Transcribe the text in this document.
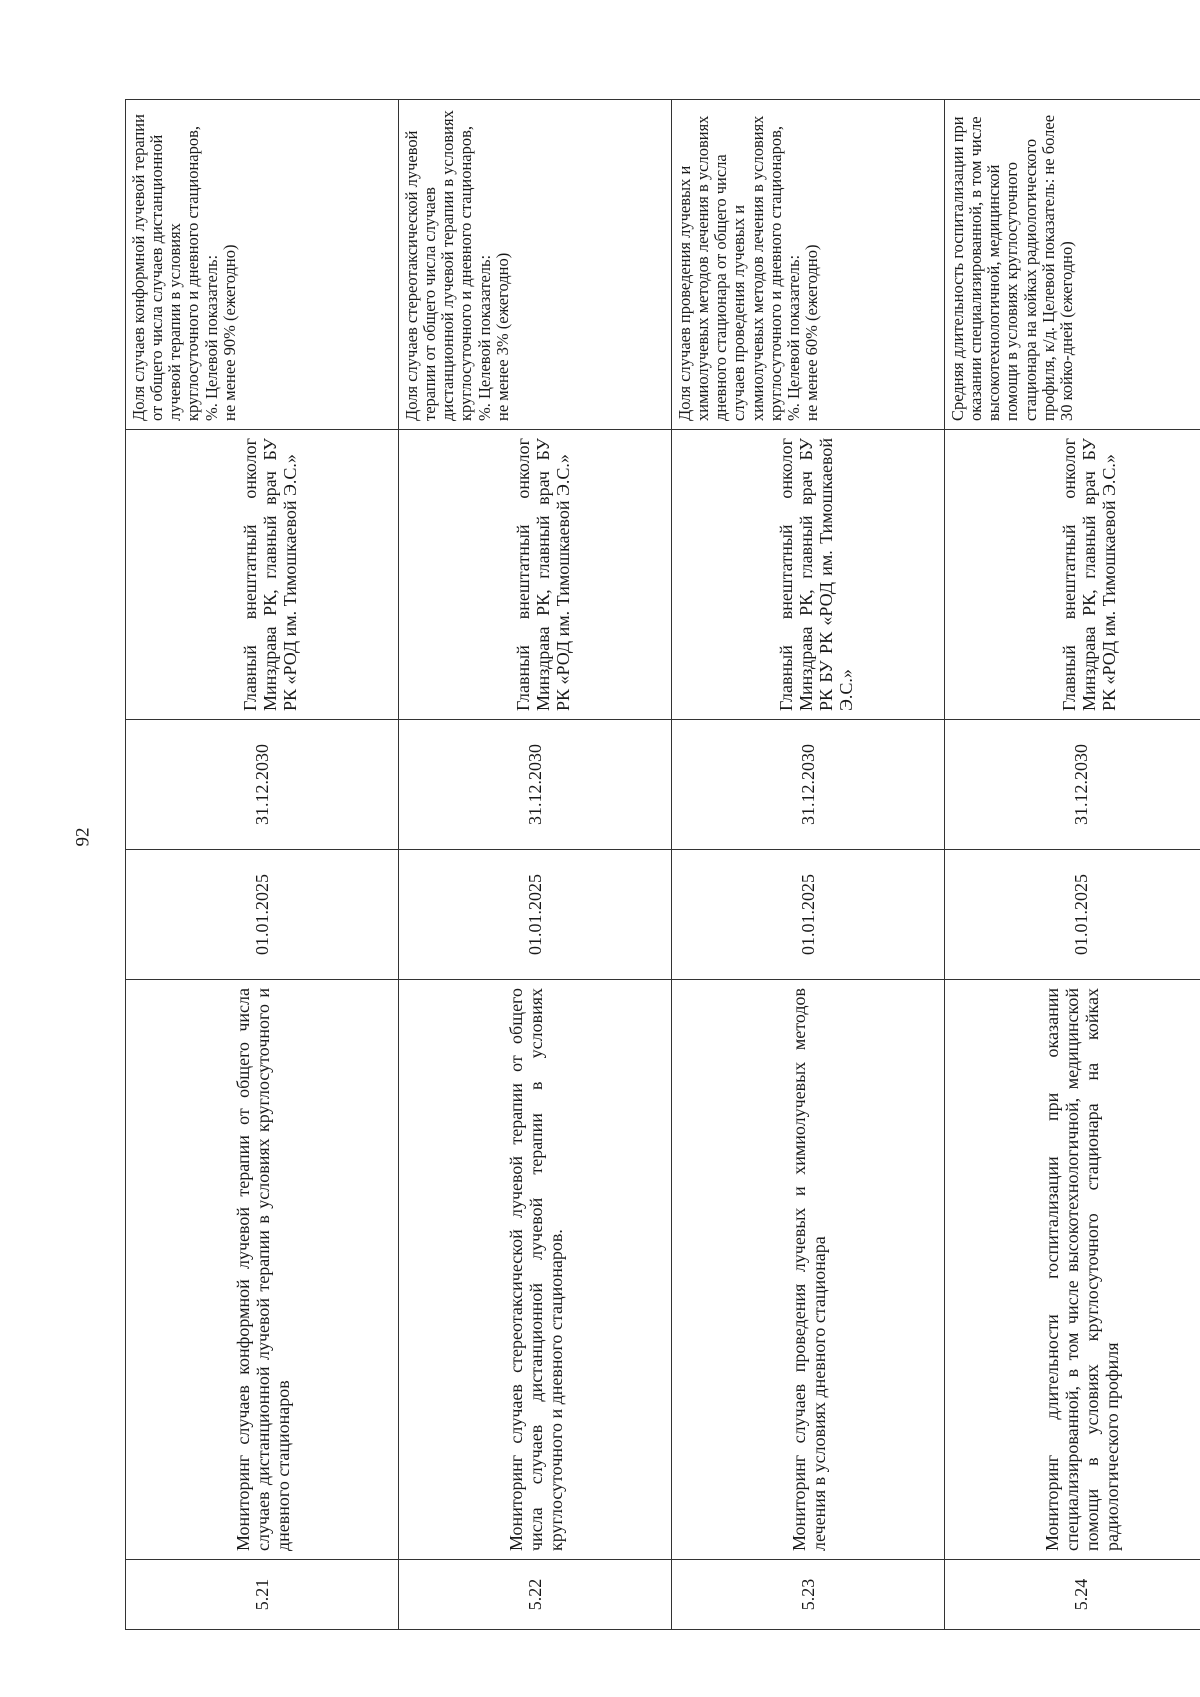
92
5.21	Мониторинг случаев конформной лучевой терапии от общего числа случаев дистанционной лучевой терапии в условиях круглосуточного и дневного стационаров	01.01.2025	31.12.2030	Главный внештатный онколог Минздрава РК, главный врач БУ РК «РОД им. Тимошкаевой Э.С.»	Доля случаев конформной лучевой терапии от общего числа случаев дистанционной лучевой терапии в условиях круглосуточного и дневного стационаров, %. Целевой показатель:
не менее 90% (ежегодно)
5.22	Мониторинг случаев стереотаксической лучевой терапии от общего числа случаев дистанционной лучевой терапии в условиях круглосуточного и дневного стационаров.	01.01.2025	31.12.2030	Главный внештатный онколог Минздрава РК, главный врач БУ РК «РОД им. Тимошкаевой Э.С.»	Доля случаев стереотаксической лучевой терапии от общего числа случаев дистанционной лучевой терапии в условиях круглосуточного и дневного стационаров, %. Целевой показатель:
не менее 3% (ежегодно)
5.23	Мониторинг случаев проведения лучевых и химиолучевых методов лечения в условиях дневного стационара	01.01.2025	31.12.2030	Главный внештатный онколог Минздрава РК, главный врач БУ РК БУ РК «РОД им. Тимошкаевой Э.С.»	Доля случаев проведения лучевых и химиолучевых методов лечения в условиях дневного стационара от общего числа случаев проведения лучевых и химиолучевых методов лечения в условиях круглосуточного и дневного стационаров, %. Целевой показатель:
не менее 60% (ежегодно)
5.24	Мониторинг длительности госпитализации при оказании специализированной, в том числе высокотехнологичной, медицинской помощи в условиях круглосуточного стационара на койках радиологического профиля	01.01.2025	31.12.2030	Главный внештатный онколог Минздрава РК, главный врач БУ РК «РОД им. Тимошкаевой Э.С.»	Средняя длительность госпитализации при оказании специализированной, в том числе высокотехнологичной, медицинской помощи в условиях круглосуточного стационара на койках радиологического профиля, к/д. Целевой показатель: не более 30 койко-дней (ежегодно)
